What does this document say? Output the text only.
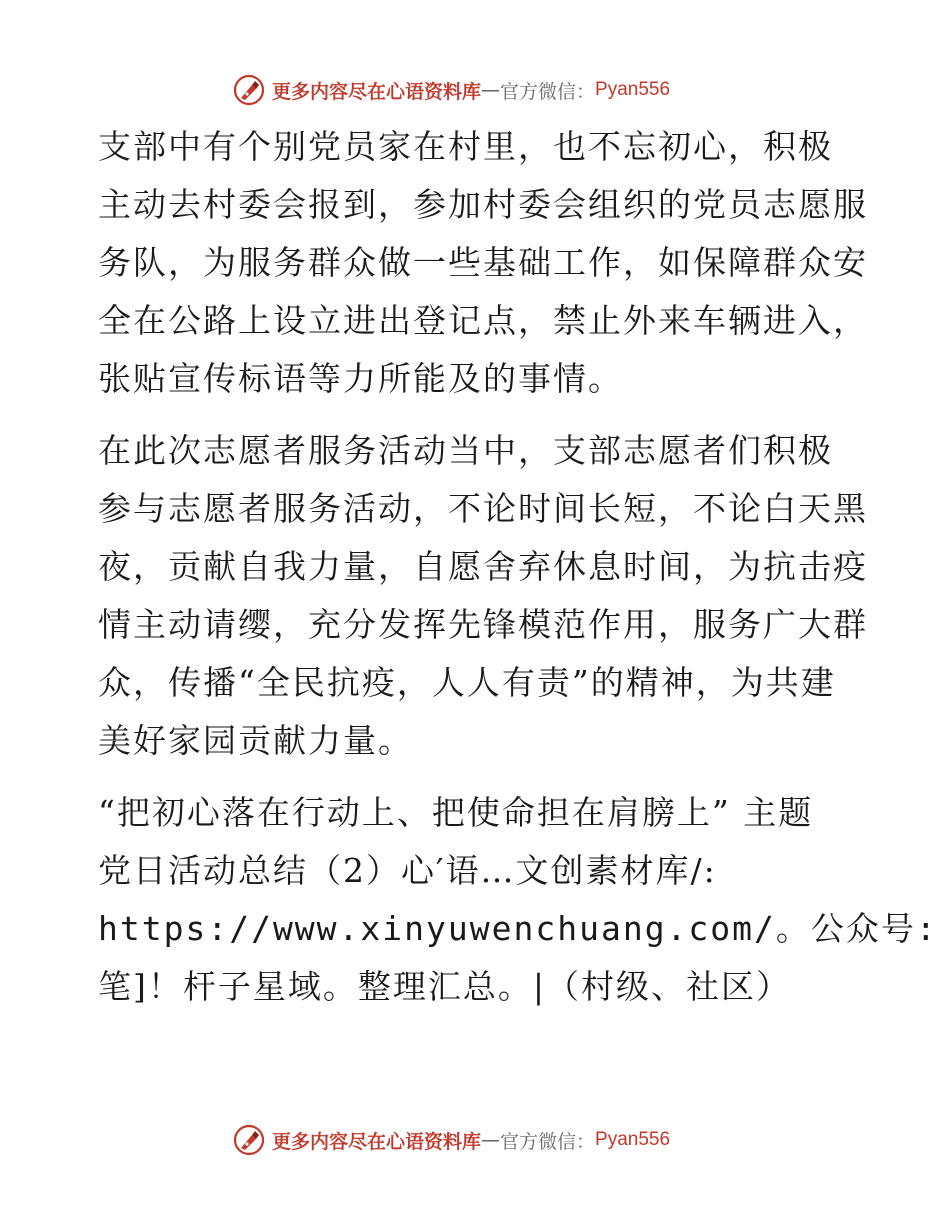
更多内容尽在心语资料库 — 官方微信： Pyan556
支部中有个别党员家在村里，也不忘初心，积极
主动去村委会报到，参加村委会组织的党员志愿服
务队，为服务群众做一些基础工作，如保障群众安
全在公路上设立进出登记点，禁止外来车辆进入，
张贴宣传标语等力所能及的事情。
在此次志愿者服务活动当中，支部志愿者们积极
参与志愿者服务活动，不论时间长短，不论白天黑
夜，贡献自我力量，自愿舍弃休息时间，为抗击疫
情主动请缨，充分发挥先锋模范作用，服务广大群
众，传播“全民抗疫，人人有责”的精神，为共建
美好家园贡献力量。
“把初心落在行动上、把使命担在肩膀上” 主题
党日活动总结（2）心′语…文创素材库/:
https://www.xinyuwenchuang.com/。公众号:
笔]！杆子星域。整理汇总。|（村级、社区）
更多内容尽在心语资料库 — 官方微信： Pyan556
